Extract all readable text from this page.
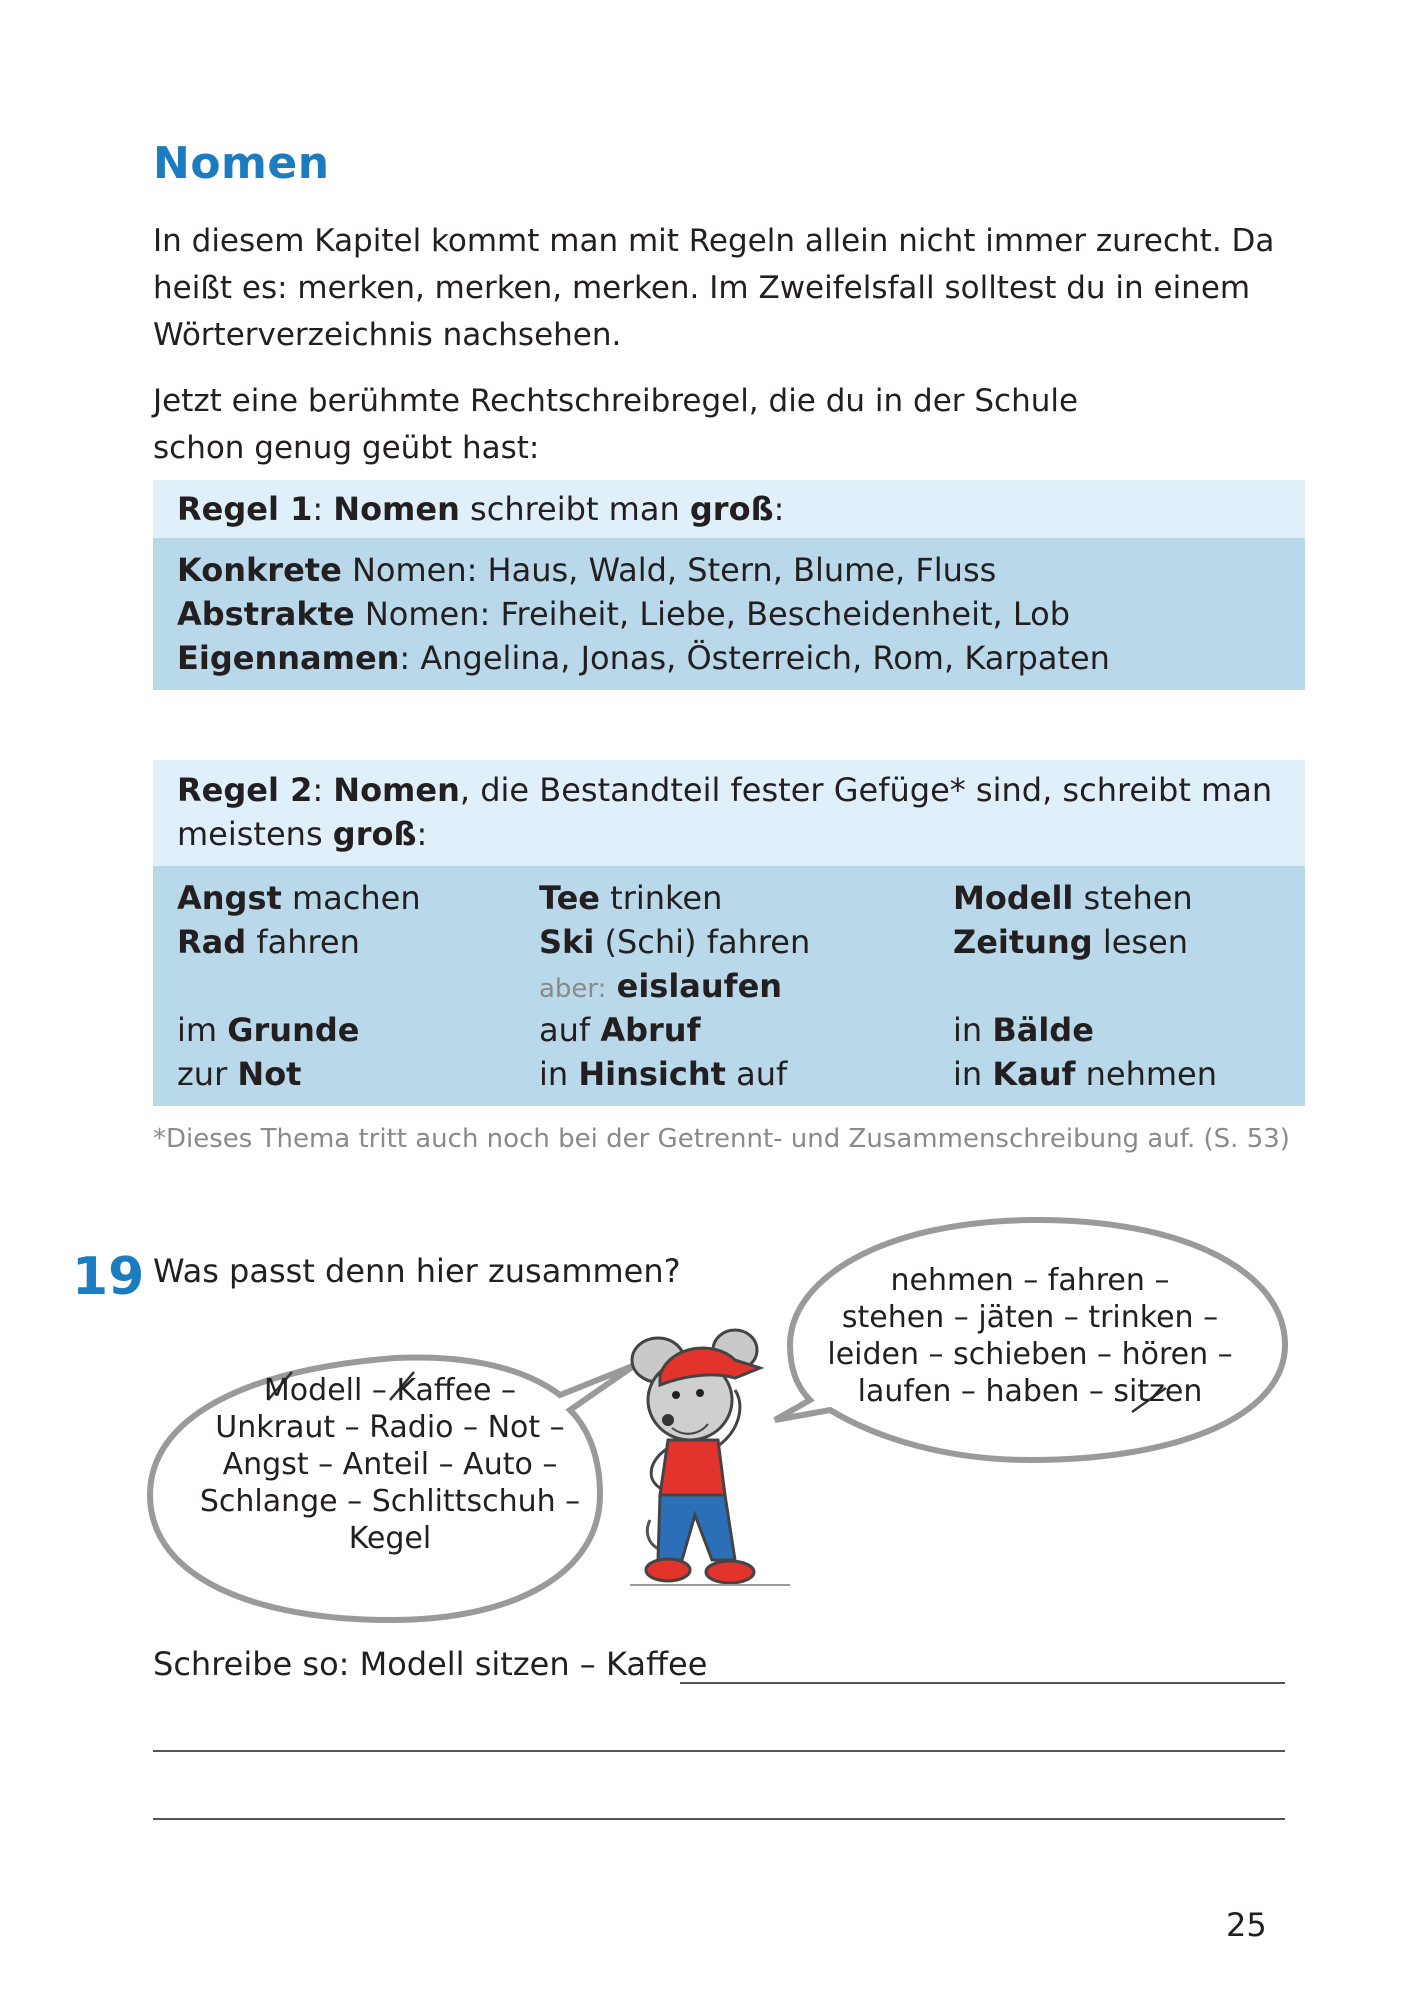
Nomen
In diesem Kapitel kommt man mit Regeln allein nicht immer zurecht. Da heißt es: merken, merken, merken. Im Zweifelsfall solltest du in einem Wörterverzeichnis nachsehen.
Jetzt eine berühmte Rechtschreibregel, die du in der Schule schon genug geübt hast:
Regel 1: Nomen schreibt man groß:
Konkrete Nomen: Haus, Wald, Stern, Blume, Fluss
Abstrakte Nomen: Freiheit, Liebe, Bescheidenheit, Lob
Eigennamen: Angelina, Jonas, Österreich, Rom, Karpaten
Regel 2: Nomen, die Bestandteil fester Gefüge* sind, schreibt man meistens groß:
Angst machen
Rad fahren
im Grunde
zur Not
Tee trinken
Ski (Schi) fahren
aber: eislaufen
auf Abruf
in Hinsicht auf
Modell stehen
Zeitung lesen
in Bälde
in Kauf nehmen
*Dieses Thema tritt auch noch bei der Getrennt- und Zusammenschreibung auf. (S. 53)
19 Was passt denn hier zusammen?
Modell – Kaffee –
Unkraut – Radio – Not –
Angst – Anteil – Auto –
Schlange – Schlittschuh –
Kegel
nehmen – fahren –
stehen – jäten – trinken –
leiden – schieben – hören –
laufen – haben – sitzen
Schreibe so: Modell sitzen – Kaffee
25
